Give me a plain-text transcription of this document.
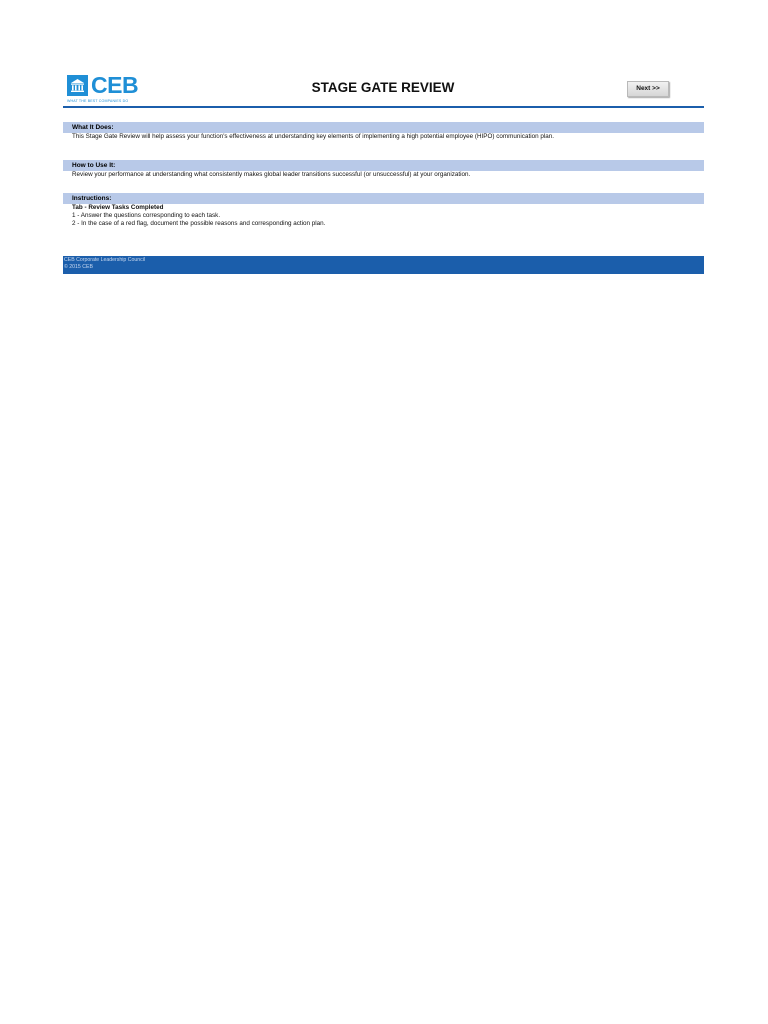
CEB
WHAT THE BEST COMPANIES DO
STAGE GATE REVIEW	Next >>
What It Does:
This Stage Gate Review will help assess your function's effectiveness at understanding key elements of implementing a high potential employee (HIPO) communication plan.
How to Use It:
Review your performance at understanding what consistently makes global leader transitions successful (or unsuccessful) at your organization.
Instructions:
Tab - Review Tasks Completed
1 - Answer the questions corresponding to each task.
2 - In the case of a red flag, document the possible reasons and corresponding action plan.
CEB Corporate Leadership Council
© 2015 CEB
